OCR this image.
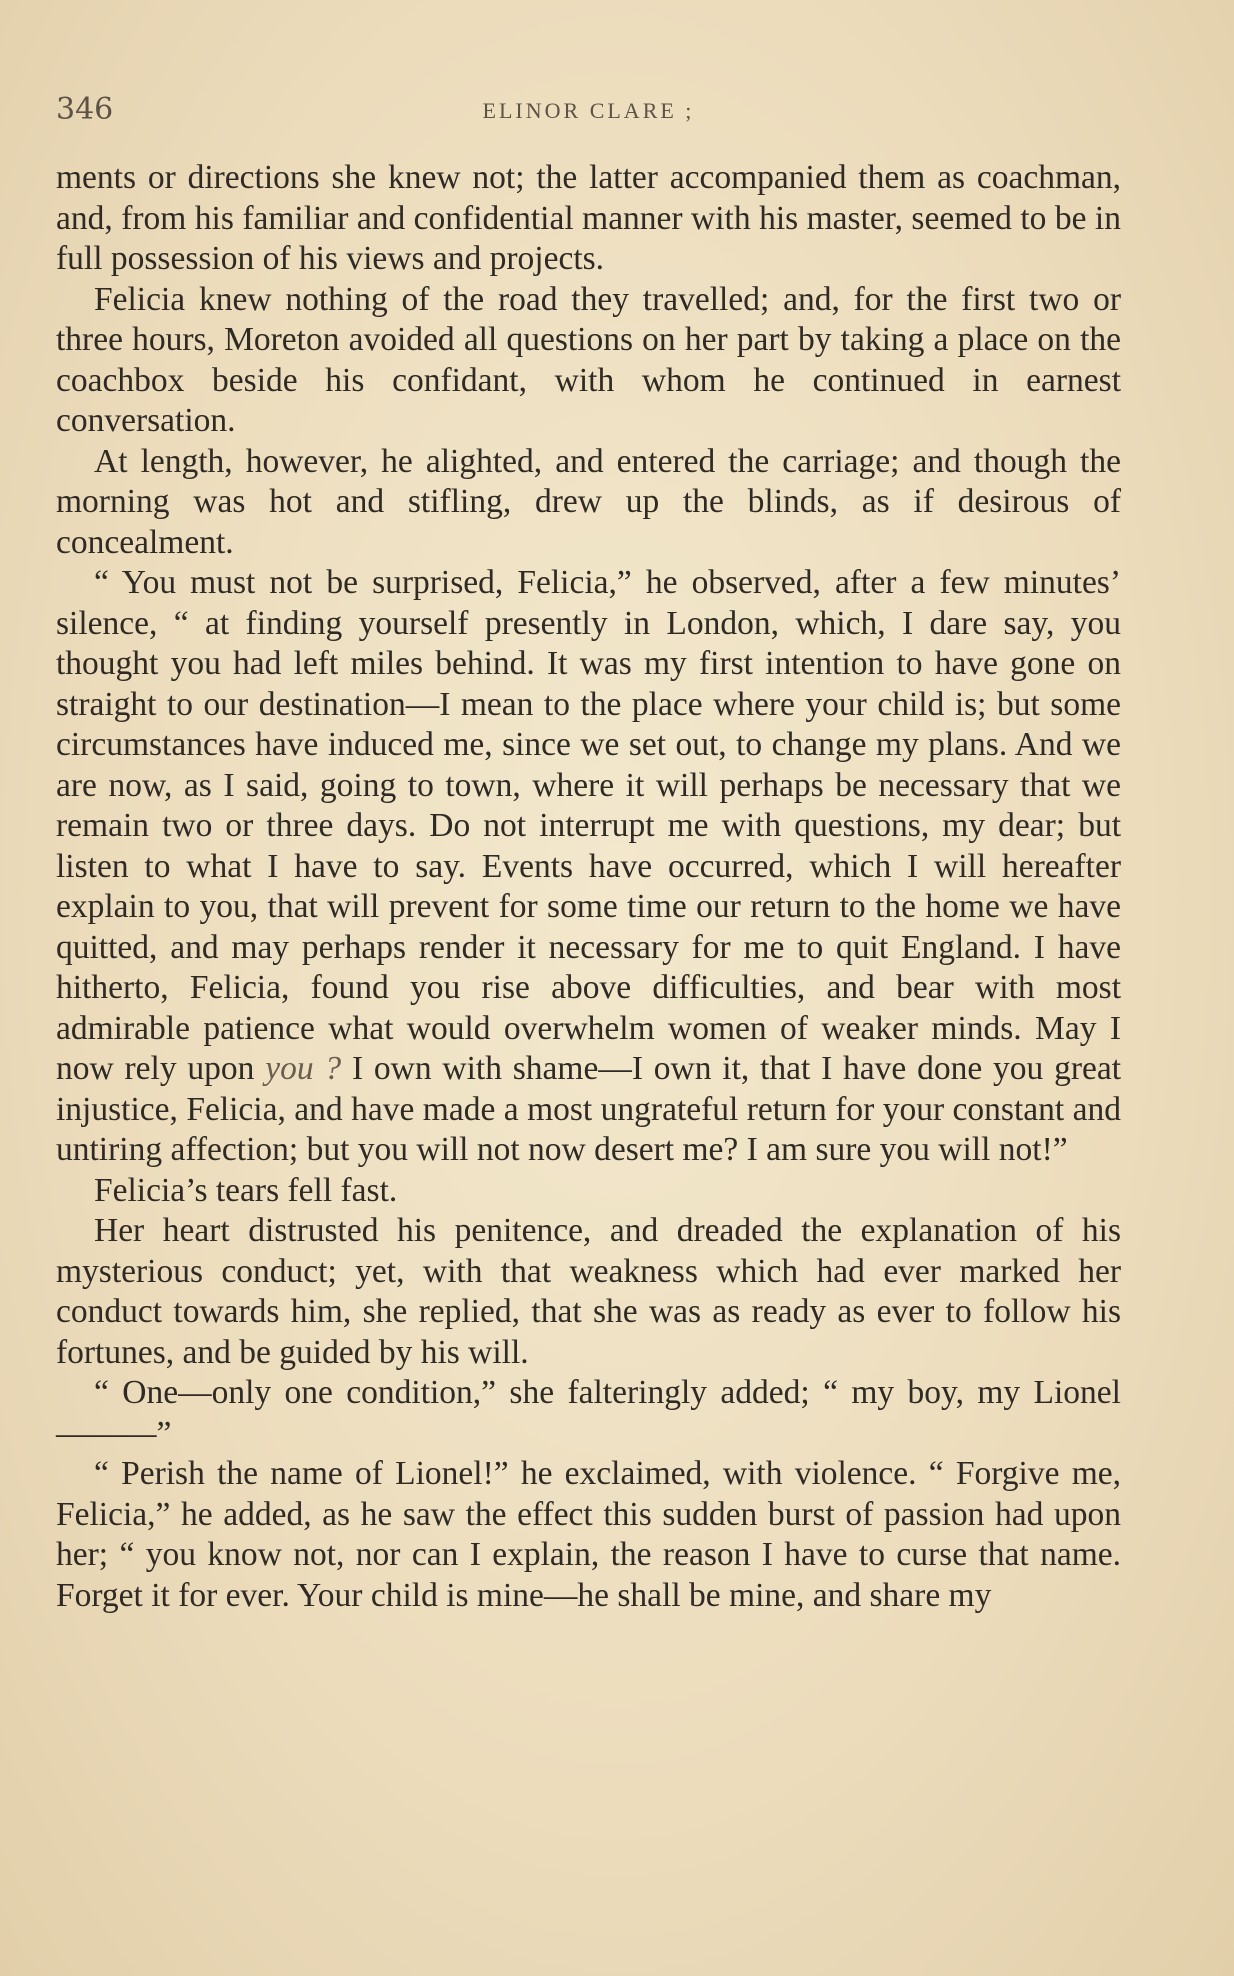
346	ELINOR CLARE ;

ments or directions she knew not; the latter accompanied them as coachman, and, from his familiar and confidential manner with his master, seemed to be in full possession of his views and projects.

Felicia knew nothing of the road they travelled; and, for the first two or three hours, Moreton avoided all questions on her part by taking a place on the coachbox beside his confidant, with whom he continued in earnest conversation.

At length, however, he alighted, and entered the carriage; and though the morning was hot and stifling, drew up the blinds, as if desirous of concealment.

“ You must not be surprised, Felicia,” he observed, after a few minutes’ silence, “ at finding yourself presently in London, which, I dare say, you thought you had left miles behind. It was my first intention to have gone on straight to our destination—I mean to the place where your child is; but some circumstances have induced me, since we set out, to change my plans. And we are now, as I said, going to town, where it will perhaps be necessary that we remain two or three days. Do not interrupt me with questions, my dear; but listen to what I have to say. Events have occurred, which I will hereafter explain to you, that will prevent for some time our return to the home we have quitted, and may perhaps render it necessary for me to quit England. I have hitherto, Felicia, found you rise above difficulties, and bear with most admirable patience what would overwhelm women of weaker minds. May I now rely upon you ? I own with shame—I own it, that I have done you great injustice, Felicia, and have made a most ungrateful return for your constant and untiring affection; but you will not now desert me? I am sure you will not!”

Felicia’s tears fell fast.

Her heart distrusted his penitence, and dreaded the explanation of his mysterious conduct; yet, with that weakness which had ever marked her conduct towards him, she replied, that she was as ready as ever to follow his fortunes, and be guided by his will.

“ One—only one condition,” she falteringly added; “ my boy, my Lionel———”

“ Perish the name of Lionel!” he exclaimed, with violence. “ Forgive me, Felicia,” he added, as he saw the effect this sudden burst of passion had upon her; “ you know not, nor can I explain, the reason I have to curse that name. Forget it for ever. Your child is mine—he shall be mine, and share my
